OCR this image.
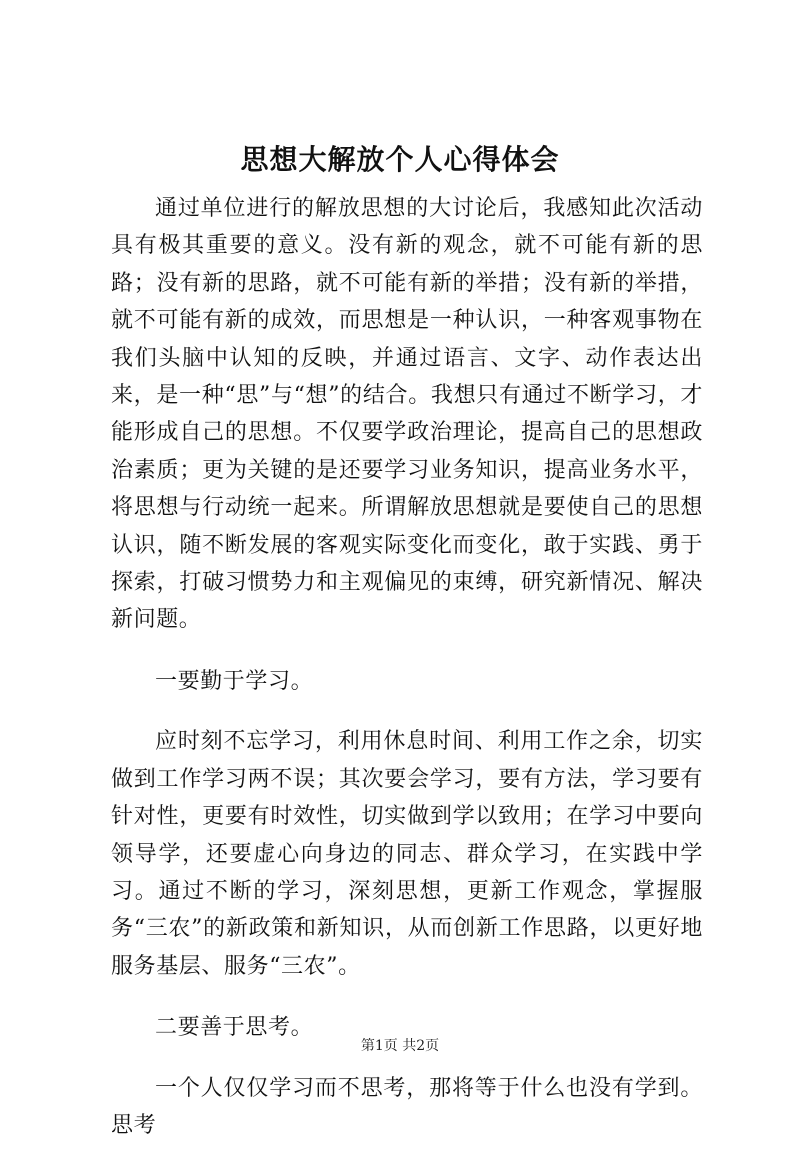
思想大解放个人心得体会

通过单位进行的解放思想的大讨论后，我感知此次活动具有极其重要的意义。没有新的观念，就不可能有新的思路；没有新的思路，就不可能有新的举措；没有新的举措，就不可能有新的成效，而思想是一种认识，一种客观事物在我们头脑中认知的反映，并通过语言、文字、动作表达出来，是一种“思”与“想”的结合。我想只有通过不断学习，才能形成自己的思想。不仅要学政治理论，提高自己的思想政治素质；更为关键的是还要学习业务知识，提高业务水平，将思想与行动统一起来。所谓解放思想就是要使自己的思想认识，随不断发展的客观实际变化而变化，敢于实践、勇于探索，打破习惯势力和主观偏见的束缚，研究新情况、解决新问题。

一要勤于学习。

应时刻不忘学习，利用休息时间、利用工作之余，切实做到工作学习两不误；其次要会学习，要有方法，学习要有针对性，更要有时效性，切实做到学以致用；在学习中要向领导学，还要虚心向身边的同志、群众学习，在实践中学习。通过不断的学习，深刻思想，更新工作观念，掌握服务“三农”的新政策和新知识，从而创新工作思路，以更好地服务基层、服务“三农”。

二要善于思考。

一个人仅仅学习而不思考，那将等于什么也没有学到。思考

第1页 共2页
